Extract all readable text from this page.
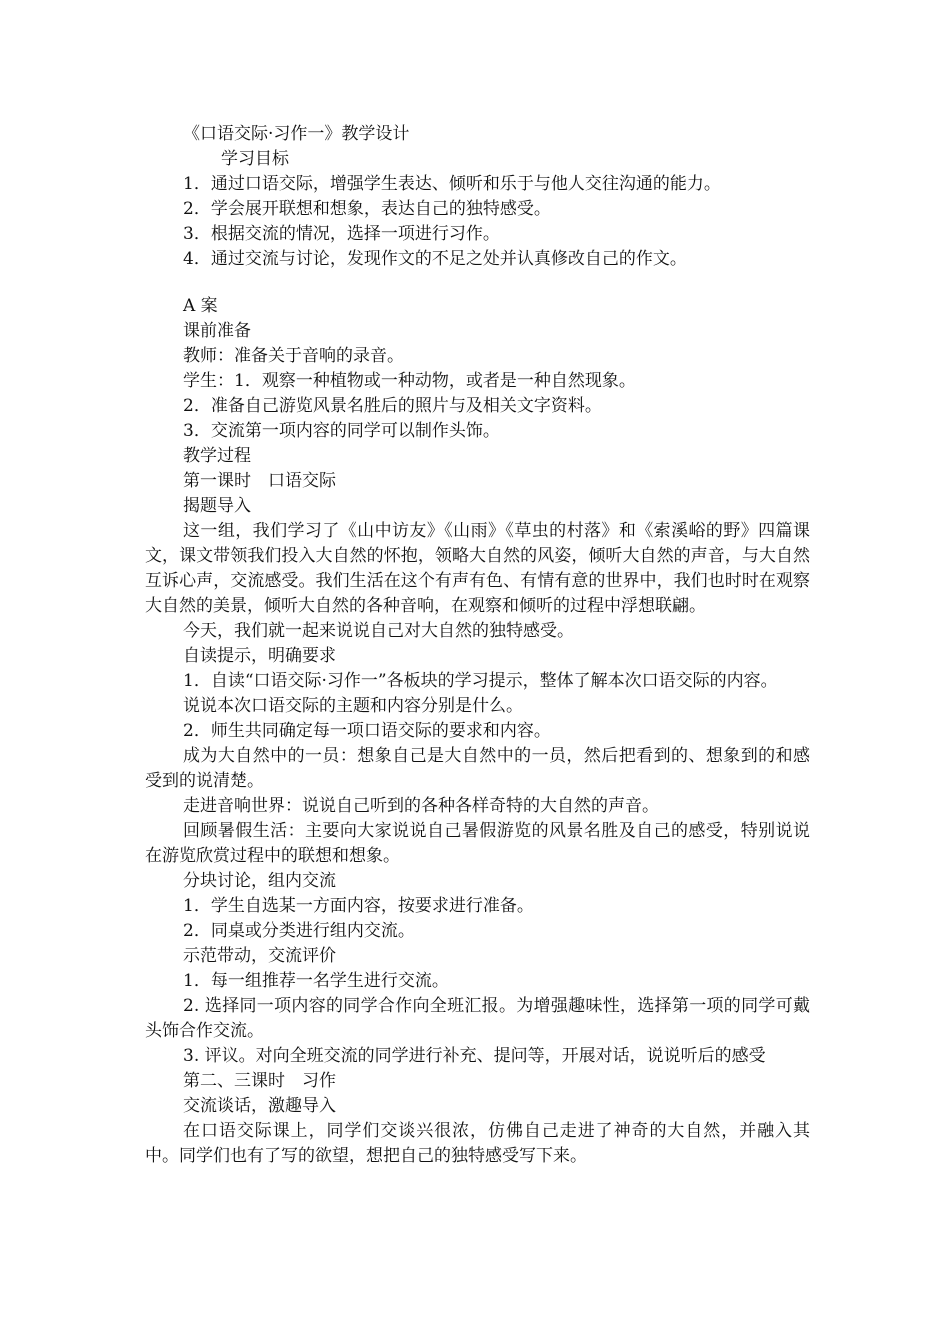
《口语交际·习作一》教学设计
学习目标
1．通过口语交际，增强学生表达、倾听和乐于与他人交往沟通的能力。
2．学会展开联想和想象，表达自己的独特感受。
3．根据交流的情况，选择一项进行习作。
4．通过交流与讨论，发现作文的不足之处并认真修改自己的作文。
A 案
课前准备
教师：准备关于音响的录音。
学生：1．观察一种植物或一种动物，或者是一种自然现象。
2．准备自己游览风景名胜后的照片与及相关文字资料。
3．交流第一项内容的同学可以制作头饰。
教学过程
第一课时　口语交际
揭题导入
这一组，我们学习了《山中访友》《山雨》《草虫的村落》和《索溪峪的野》四篇课文，课文带领我们投入大自然的怀抱，领略大自然的风姿，倾听大自然的声音，与大自然互诉心声，交流感受。我们生活在这个有声有色、有情有意的世界中，我们也时时在观察大自然的美景，倾听大自然的各种音响，在观察和倾听的过程中浮想联翩。
今天，我们就一起来说说自己对大自然的独特感受。
自读提示，明确要求
1．自读“口语交际·习作一”各板块的学习提示，整体了解本次口语交际的内容。
说说本次口语交际的主题和内容分别是什么。
2．师生共同确定每一项口语交际的要求和内容。
成为大自然中的一员：想象自己是大自然中的一员，然后把看到的、想象到的和感受到的说清楚。
走进音响世界：说说自己听到的各种各样奇特的大自然的声音。
回顾暑假生活：主要向大家说说自己暑假游览的风景名胜及自己的感受，特别说说在游览欣赏过程中的联想和想象。
分块讨论，组内交流
1．学生自选某一方面内容，按要求进行准备。
2．同桌或分类进行组内交流。
示范带动，交流评价
1．每一组推荐一名学生进行交流。
2. 选择同一项内容的同学合作向全班汇报。为增强趣味性，选择第一项的同学可戴头饰合作交流。
3. 评议。对向全班交流的同学进行补充、提问等，开展对话，说说听后的感受
第二、三课时　习作
交流谈话，激趣导入
在口语交际课上，同学们交谈兴很浓，仿佛自己走进了神奇的大自然，并融入其中。同学们也有了写的欲望，想把自己的独特感受写下来。
